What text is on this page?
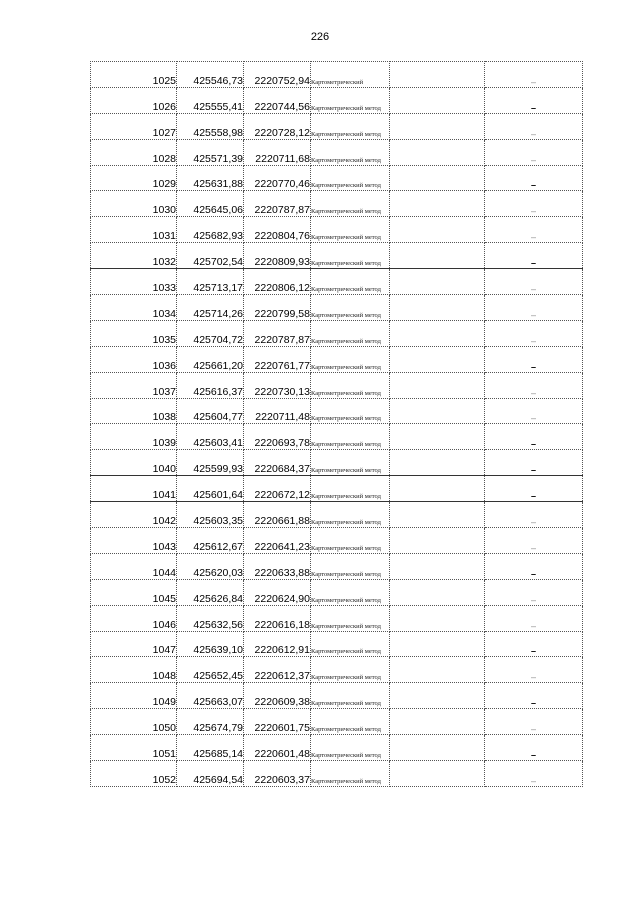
226
1025	425546,73	2220752,94	Картометрический		–
1026	425555,41	2220744,56	Картометрический метод		–
1027	425558,98	2220728,12	Картометрический метод		–
1028	425571,39	2220711,68	Картометрический метод		–
1029	425631,88	2220770,46	Картометрический метод		–
1030	425645,06	2220787,87	Картометрический метод		–
1031	425682,93	2220804,76	Картометрический метод		–
1032	425702,54	2220809,93	Картометрический метод		–
1033	425713,17	2220806,12	Картометрический метод		–
1034	425714,26	2220799,58	Картометрический метод		–
1035	425704,72	2220787,87	Картометрический метод		–
1036	425661,20	2220761,77	Картометрический метод		–
1037	425616,37	2220730,13	Картометрический метод		–
1038	425604,77	2220711,48	Картометрический метод		–
1039	425603,41	2220693,78	Картометрический метод		–
1040	425599,93	2220684,37	Картометрический метод		–
1041	425601,64	2220672,12	Картометрический метод		–
1042	425603,35	2220661,88	Картометрический метод		–
1043	425612,67	2220641,23	Картометрический метод		–
1044	425620,03	2220633,88	Картометрический метод		–
1045	425626,84	2220624,90	Картометрический метод		–
1046	425632,56	2220616,18	Картометрический метод		–
1047	425639,10	2220612,91	Картометрический метод		–
1048	425652,45	2220612,37	Картометрический метод		–
1049	425663,07	2220609,38	Картометрический метод		–
1050	425674,79	2220601,75	Картометрический метод		–
1051	425685,14	2220601,48	Картометрический метод		–
1052	425694,54	2220603,37	Картометрический метод		–
